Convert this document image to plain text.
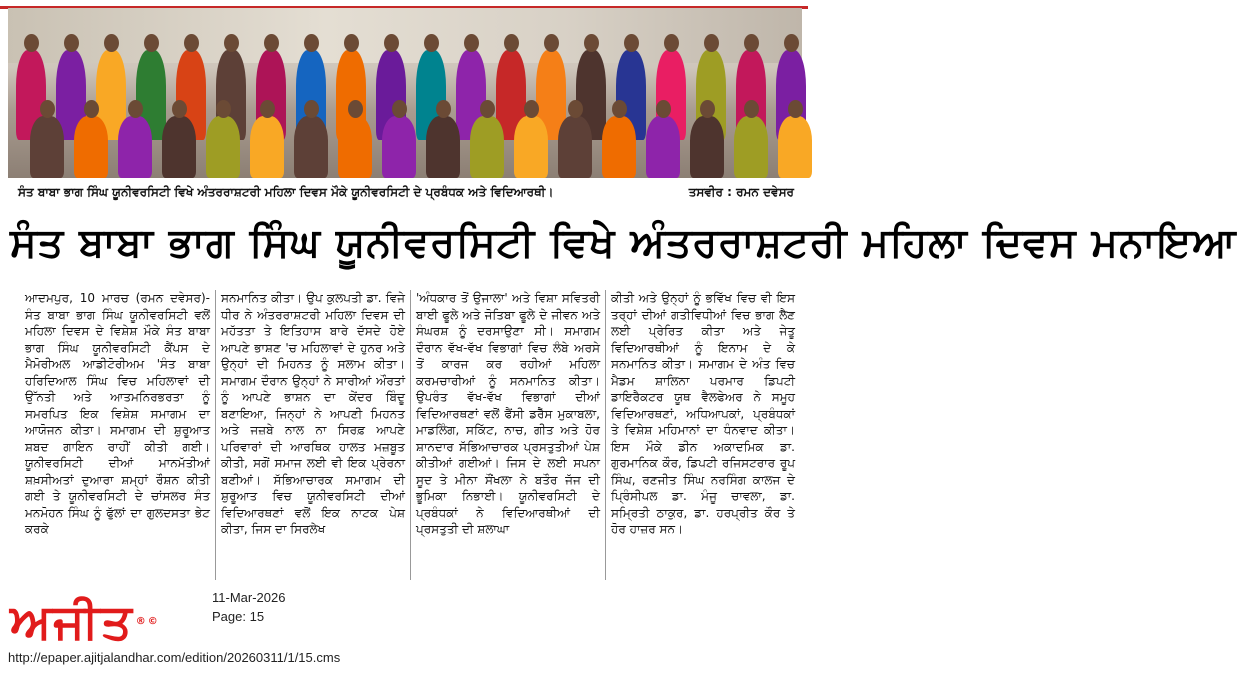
ਸੰਤ ਬਾਬਾ ਭਾਗ ਸਿੰਘ ਯੂਨੀਵਰਸਿਟੀ ਵਿਖੇ ਅੰਤਰਰਾਸ਼ਟਰੀ ਮਹਿਲਾ ਦਿਵਸ ਮੌਕੇ ਯੂਨੀਵਰਸਿਟੀ ਦੇ ਪ੍ਰਬੰਧਕ ਅਤੇ ਵਿਦਿਆਰਥੀ।	ਤਸਵੀਰ : ਰਮਨ ਦਵੇਸਰ
ਸੰਤ ਬਾਬਾ ਭਾਗ ਸਿੰਘ ਯੂਨੀਵਰਸਿਟੀ ਵਿਖੇ ਅੰਤਰਰਾਸ਼ਟਰੀ ਮਹਿਲਾ ਦਿਵਸ ਮਨਾਇਆ
ਆਦਮਪੁਰ, 10 ਮਾਰਚ (ਰਮਨ ਦਵੇਸਰ)-ਸੰਤ ਬਾਬਾ ਭਾਗ ਸਿੰਘ ਯੂਨੀਵਰਸਿਟੀ ਵਲੋਂ ਮਹਿਲਾ ਦਿਵਸ ਦੇ ਵਿਸ਼ੇਸ਼ ਮੌਕੇ ਸੰਤ ਬਾਬਾ ਭਾਗ ਸਿੰਘ ਯੂਨੀਵਰਸਿਟੀ ਕੈਂਪਸ ਦੇ ਮੈਮੋਰੀਅਲ ਆਡੀਟੋਰੀਅਮ 'ਸੰਤ ਬਾਬਾ ਹਰਿਦਿਆਲ ਸਿੰਘ ਵਿਚ ਮਹਿਲਾਵਾਂ ਦੀ ਉੱਨਤੀ ਅਤੇ ਆਤਮਨਿਰਭਰਤਾ ਨੂੰ ਸਮਰਪਿਤ ਇਕ ਵਿਸ਼ੇਸ਼ ਸਮਾਗਮ ਦਾ ਆਯੋਜਨ ਕੀਤਾ। ਸਮਾਗਮ ਦੀ ਸ਼ੁਰੂਆਤ ਸ਼ਬਦ ਗਾਇਨ ਰਾਹੀਂ ਕੀਤੀ ਗਈ। ਯੂਨੀਵਰਸਿਟੀ ਦੀਆਂ ਮਾਨਮੱਤੀਆਂ ਸ਼ਖ਼ਸੀਅਤਾਂ ਦੁਆਰਾ ਸ਼ਮ੍ਹਾਂ ਰੌਸ਼ਨ ਕੀਤੀ ਗਈ ਤੇ ਯੂਨੀਵਰਸਿਟੀ ਦੇ ਚਾਂਸਲਰ ਸੰਤ ਮਨਮੋਹਨ ਸਿੰਘ ਨੂੰ ਫੁੱਲਾਂ ਦਾ ਗੁਲਦਸਤਾ ਭੇਟ ਕਰਕੇ
ਸਨਮਾਨਿਤ ਕੀਤਾ। ਉਪ ਕੁਲਪਤੀ ਡਾ. ਵਿਜੇ ਧੀਰ ਨੇ ਅੰਤਰਰਾਸ਼ਟਰੀ ਮਹਿਲਾ ਦਿਵਸ ਦੀ ਮਹੱਤਤਾ ਤੇ ਇਤਿਹਾਸ ਬਾਰੇ ਦੱਸਦੇ ਹੋਏ ਆਪਣੇ ਭਾਸ਼ਣ 'ਚ ਮਹਿਲਾਵਾਂ ਦੇ ਹੁਨਰ ਅਤੇ ਉਨ੍ਹਾਂ ਦੀ ਮਿਹਨਤ ਨੂੰ ਸਲਾਮ ਕੀਤਾ। ਸਮਾਗਮ ਦੌਰਾਨ ਉਨ੍ਹਾਂ ਨੇ ਸਾਰੀਆਂ ਔਰਤਾਂ ਨੂੰ ਆਪਣੇ ਭਾਸ਼ਨ ਦਾ ਕੇਂਦਰ ਬਿੰਦੂ ਬਣਾਇਆ, ਜਿਨ੍ਹਾਂ ਨੇ ਆਪਣੀ ਮਿਹਨਤ ਅਤੇ ਜਜ਼ਬੇ ਨਾਲ ਨਾ ਸਿਰਫ਼ ਆਪਣੇ ਪਰਿਵਾਰਾਂ ਦੀ ਆਰਥਿਕ ਹਾਲਤ ਮਜ਼ਬੂਤ ਕੀਤੀ, ਸਗੋਂ ਸਮਾਜ ਲਈ ਵੀ ਇਕ ਪ੍ਰੇਰਨਾ ਬਣੀਆਂ। ਸੱਭਿਆਚਾਰਕ ਸਮਾਗਮ ਦੀ ਸ਼ੁਰੂਆਤ ਵਿਚ ਯੂਨੀਵਰਸਿਟੀ ਦੀਆਂ ਵਿਦਿਆਰਥਣਾਂ ਵਲੋਂ ਇਕ ਨਾਟਕ ਪੇਸ਼ ਕੀਤਾ, ਜਿਸ ਦਾ ਸਿਰਲੇਖ
'ਅੰਧਕਾਰ ਤੋਂ ਉਜਾਲਾ' ਅਤੇ ਵਿਸ਼ਾ ਸਵਿਤਰੀ ਬਾਈ ਫੂਲੇ ਅਤੇ ਜੋਤਿਬਾ ਫੂਲੇ ਦੇ ਜੀਵਨ ਅਤੇ ਸੰਘਰਸ਼ ਨੂੰ ਦਰਸਾਉਣਾ ਸੀ। ਸਮਾਗਮ ਦੌਰਾਨ ਵੱਖ-ਵੱਖ ਵਿਭਾਗਾਂ ਵਿਚ ਲੰਬੇ ਅਰਸੇ ਤੋਂ ਕਾਰਜ ਕਰ ਰਹੀਆਂ ਮਹਿਲਾ ਕਰਮਚਾਰੀਆਂ ਨੂੰ ਸਨਮਾਨਿਤ ਕੀਤਾ। ਉਪਰੰਤ ਵੱਖ-ਵੱਖ ਵਿਭਾਗਾਂ ਦੀਆਂ ਵਿਦਿਆਰਥਣਾਂ ਵਲੋਂ ਫੈਂਸੀ ਡਰੈੱਸ ਮੁਕਾਬਲਾ, ਮਾਡਲਿੰਗ, ਸਕਿੱਟ, ਨਾਚ, ਗੀਤ ਅਤੇ ਹੋਰ ਸ਼ਾਨਦਾਰ ਸੱਭਿਆਚਾਰਕ ਪ੍ਰਸਤੁਤੀਆਂ ਪੇਸ਼ ਕੀਤੀਆਂ ਗਈਆਂ। ਜਿਸ ਦੇ ਲਈ ਸਪਨਾ ਸੂਦ ਤੇ ਮੀਨਾ ਸੌਂਖਲਾ ਨੇ ਬਤੌਰ ਜੱਜ ਦੀ ਭੂਮਿਕਾ ਨਿਭਾਈ। ਯੂਨੀਵਰਸਿਟੀ ਦੇ ਪ੍ਰਬੰਧਕਾਂ ਨੇ ਵਿਦਿਆਰਥੀਆਂ ਦੀ ਪ੍ਰਸਤੁਤੀ ਦੀ ਸ਼ਲਾਘਾ
ਕੀਤੀ ਅਤੇ ਉਨ੍ਹਾਂ ਨੂੰ ਭਵਿੱਖ ਵਿਚ ਵੀ ਇਸ ਤਰ੍ਹਾਂ ਦੀਆਂ ਗਤੀਵਿਧੀਆਂ ਵਿਚ ਭਾਗ ਲੈਣ ਲਈ ਪ੍ਰੇਰਿਤ ਕੀਤਾ ਅਤੇ ਜੇਤੂ ਵਿਦਿਆਰਥੀਆਂ ਨੂੰ ਇਨਾਮ ਦੇ ਕੇ ਸਨਮਾਨਿਤ ਕੀਤਾ। ਸਮਾਗਮ ਦੇ ਅੰਤ ਵਿਚ ਮੈਡਮ ਸ਼ਾਲਿਨਾ ਪਰਮਾਰ ਡਿਪਟੀ ਡਾਇਰੈਕਟਰ ਯੂਥ ਵੈਲਫੇਅਰ ਨੇ ਸਮੂਹ ਵਿਦਿਆਰਥਣਾਂ, ਅਧਿਆਪਕਾਂ, ਪ੍ਰਬੰਧਕਾਂ ਤੇ ਵਿਸ਼ੇਸ਼ ਮਹਿਮਾਨਾਂ ਦਾ ਧੰਨਵਾਦ ਕੀਤਾ। ਇਸ ਮੌਕੇ ਡੀਨ ਅਕਾਦਮਿਕ ਡਾ. ਗੁਰਮਾਨਿਕ ਕੌਰ, ਡਿਪਟੀ ਰਜਿਸਟਰਾਰ ਰੂਪ ਸਿੰਘ, ਰਣਜੀਤ ਸਿੰਘ ਨਰਸਿੰਗ ਕਾਲਜ ਦੇ ਪ੍ਰਿੰਸੀਪਲ ਡਾ. ਮੰਜੂ ਚਾਵਲਾ, ਡਾ. ਸਮ੍ਰਿਤੀ ਠਾਕੁਰ, ਡਾ. ਹਰਪ੍ਰੀਤ ਕੌਰ ਤੇ ਹੋਰ ਹਾਜ਼ਰ ਸਨ।
ਅਜੀਤ ®©
11-Mar-2026
Page: 15
http://epaper.ajitjalandhar.com/edition/20260311/1/15.cms
